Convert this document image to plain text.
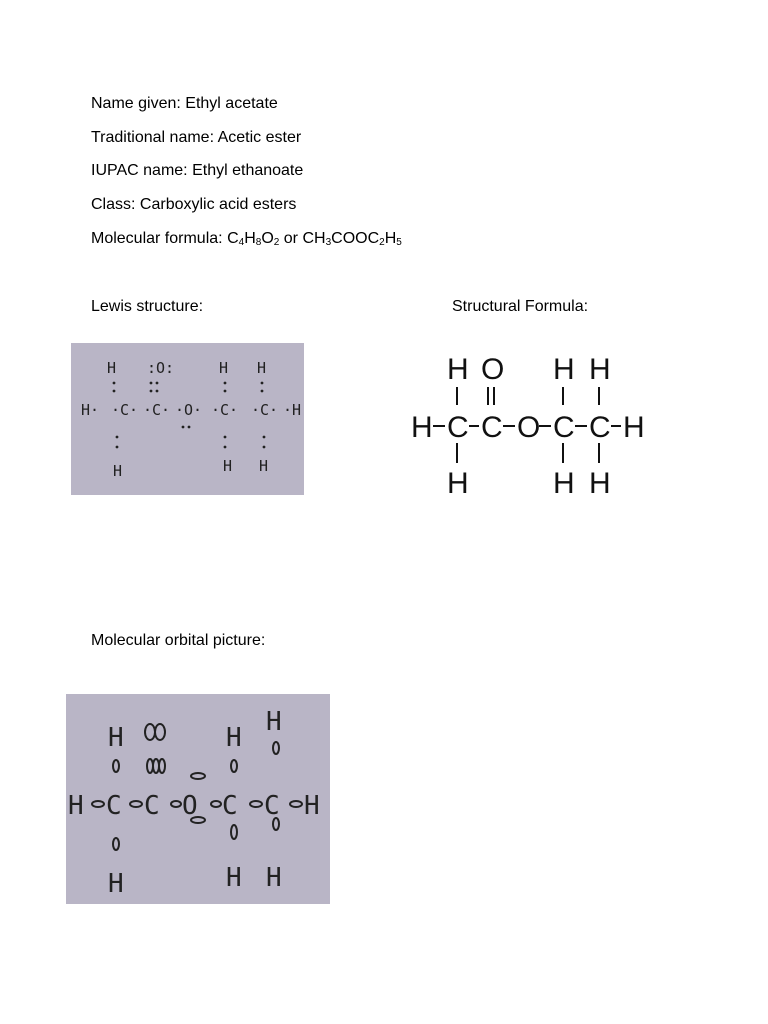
Name given: Ethyl acetate
Traditional name: Acetic ester
IUPAC name: Ethyl ethanoate
Class: Carboxylic acid esters
Molecular formula: $C_4H_8O_2$ or $CH_3COOC_2H_5$
Lewis structure:	Structural Formula:
Molecular orbital picture:
H :O:	H H
H· ·C· ·C· ·O· ·C· ·C· ·H
H	H H
H O H H
H C C O C C H
H	H H
H	H
H
H C C O C C H
H	H H
